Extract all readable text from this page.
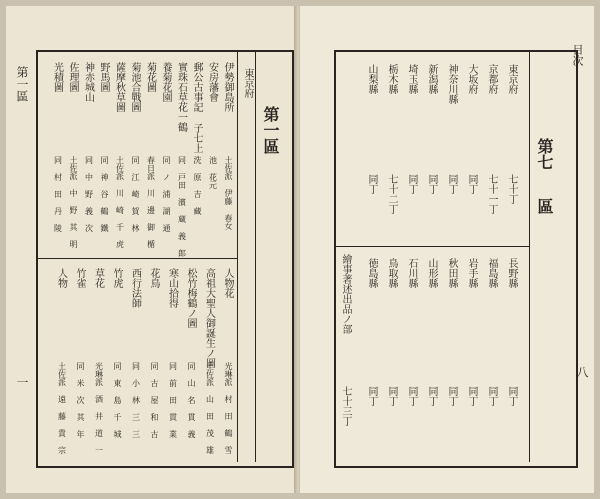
第一區
一
第一區
東京府
伊勢御島所
土佐派 伊藤 春女
安房藩會
池 花元
郵公古事記 子七上
洗 原 吉 藏
實珠石草花一鶴
同 戸田 濱 蔵 義 郎
養菊花園
同 ノ 浦 湖 通
菊花圖
春日派 川 邊 御 楯
菊池合戰圖
同 江 崎 賀 林
薩摩秋草圖
土佐派 川 崎 千 虎
野馬圖
同 神 谷 鶴 鐵
神赤城山
同 中 野 義 次
佐理圖
土佐派 中 野 其 明
光積圖
同 村 田 丹 陵
人物花
光琳派 村 田 鶴 雪
高祖大聖人御誕生ノ圖
土佐派 山 田 茂 雄
松竹梅鶴ノ圖
同 山 名 貫 義
寒山拾得
同 前 田 貫 業
花鳥
同 古 屋 和 古
西行法師
同 小 林 三 三
竹虎
同 東 島 千 城
草花
光琳派 酒 井 道 一
竹雀
同 米 次 其 年
人物
土佐派 遠 藤 貴 宗
目次
八
第七
區
東京府
七十丁
京都府
七十一丁
大坂府
同丁
神奈川縣
同丁
新潟縣
同丁
埼玉縣
同丁
栃木縣
七十二丁
山梨縣
同丁
長野縣
同丁
福島縣
同丁
岩手縣
同丁
秋田縣
同丁
山形縣
同丁
石川縣
同丁
鳥取縣
同丁
徳島縣
同丁
繪事著述出品ノ部
七十三丁
